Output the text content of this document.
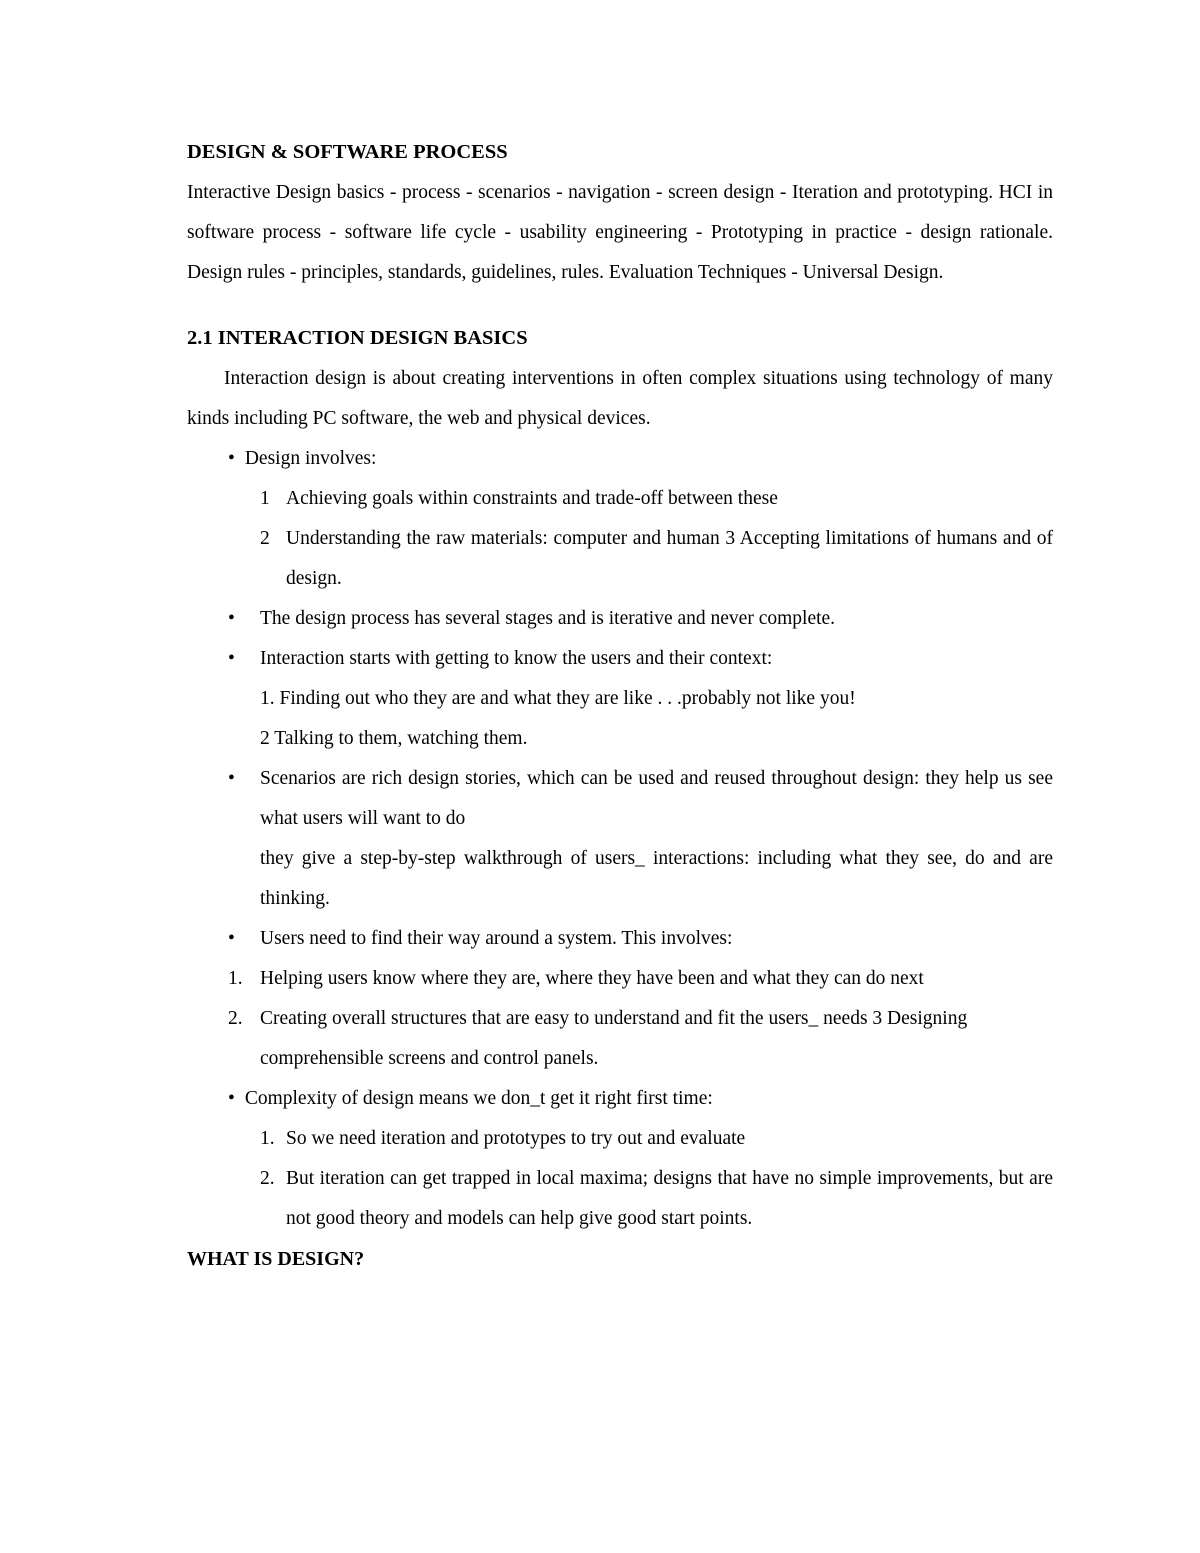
DESIGN & SOFTWARE PROCESS

Interactive Design basics - process - scenarios - navigation - screen design - Iteration and prototyping. HCI in software process - software life cycle - usability engineering - Prototyping in practice - design rationale. Design rules - principles, standards, guidelines, rules. Evaluation Techniques - Universal Design.

2.1 INTERACTION DESIGN BASICS

Interaction design is about creating interventions in often complex situations using technology of many kinds including PC software, the web and physical devices.

• Design involves:
1 Achieving goals within constraints and trade-off between these
2 Understanding the raw materials: computer and human 3 Accepting limitations of humans and of design.
•	The design process has several stages and is iterative and never complete.
•	Interaction starts with getting to know the users and their context:
1. Finding out who they are and what they are like . . .probably not like you!
2 Talking to them, watching them.
•	Scenarios are rich design stories, which can be used and reused throughout design: they help us see what users will want to do
they give a step-by-step walkthrough of users_ interactions: including what they see, do and are thinking.
•	Users need to find their way around a system. This involves:
1. Helping users know where they are, where they have been and what they can do next
2. Creating overall structures that are easy to understand and fit the users_ needs 3 Designing comprehensible screens and control panels.
• Complexity of design means we don_t get it right first time:
1. So we need iteration and prototypes to try out and evaluate
2. But iteration can get trapped in local maxima; designs that have no simple improvements, but are not good theory and models can help give good start points.
WHAT IS DESIGN?
